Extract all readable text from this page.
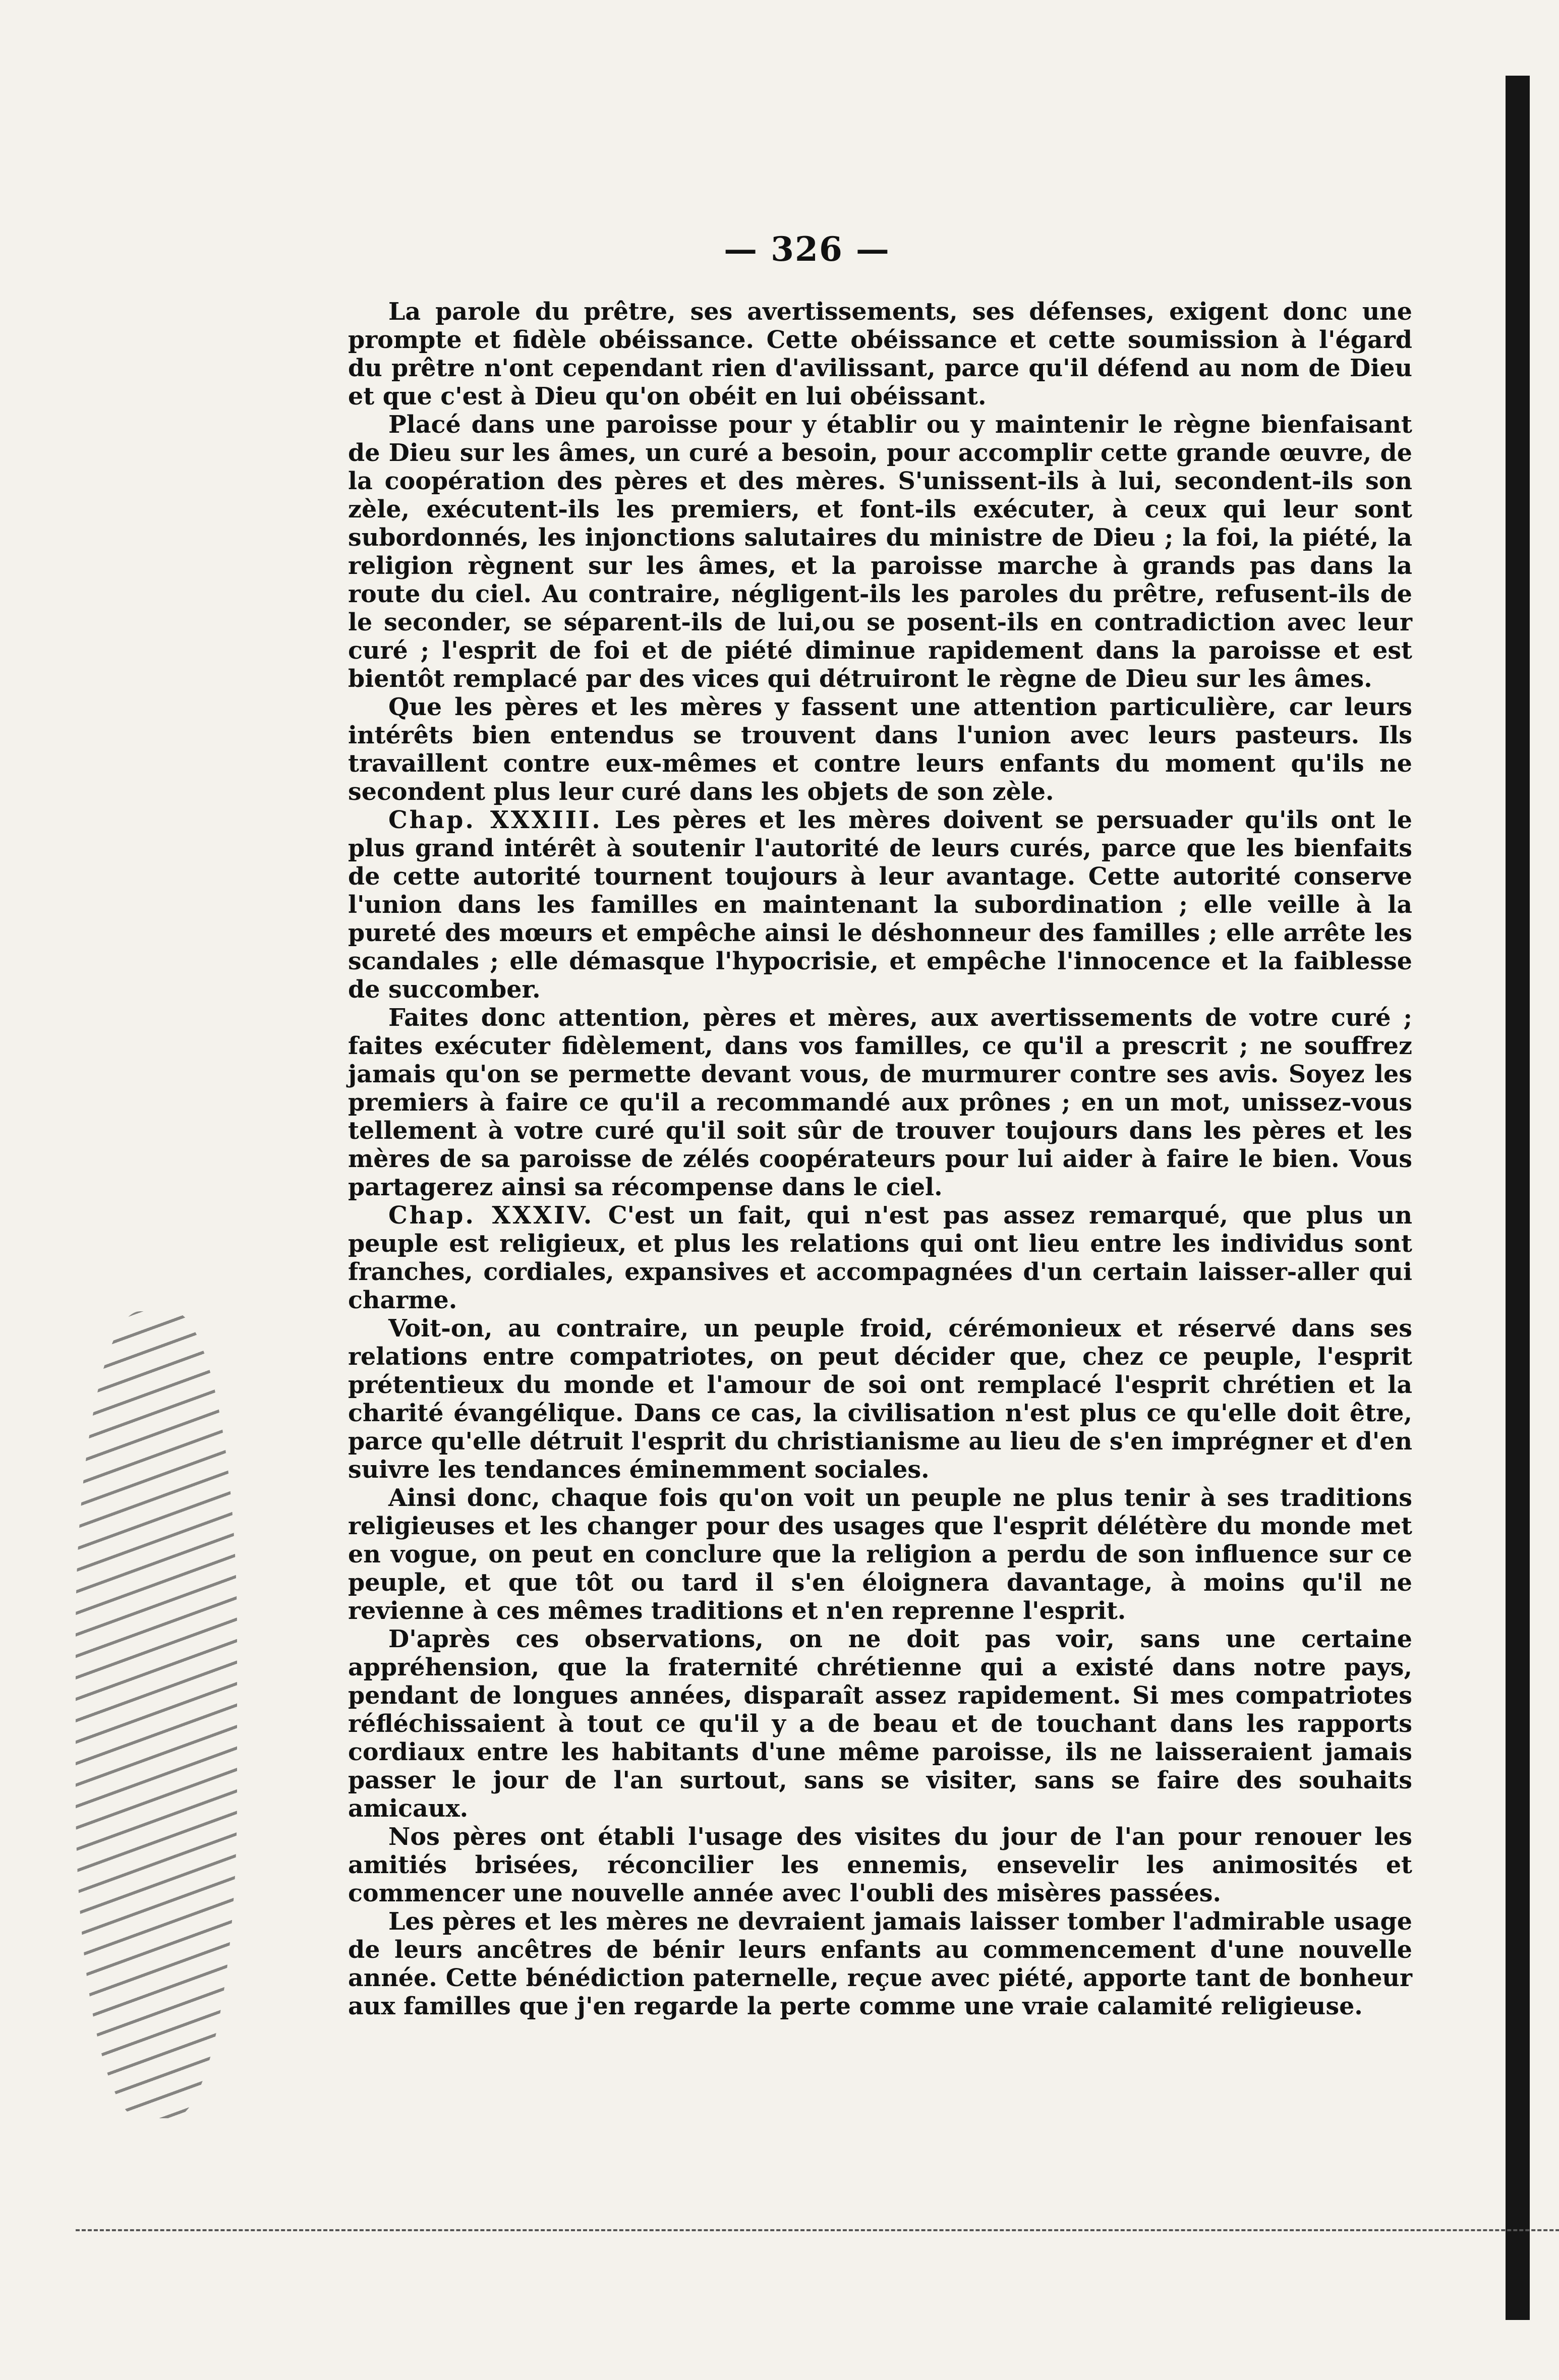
— 326 —

La parole du prêtre, ses avertissements, ses défenses, exigent donc une prompte et fidèle obéissance. Cette obéissance et cette soumission à l'égard du prêtre n'ont cependant rien d'avilissant, parce qu'il défend au nom de Dieu et que c'est à Dieu qu'on obéit en lui obéissant.

Placé dans une paroisse pour y établir ou y maintenir le règne bienfaisant de Dieu sur les âmes, un curé a besoin, pour accomplir cette grande œuvre, de la coopération des pères et des mères. S'unissent-ils à lui, secondent-ils son zèle, exécutent-ils les premiers, et font-ils exécuter, à ceux qui leur sont subordonnés, les injonctions salutaires du ministre de Dieu ; la foi, la piété, la religion règnent sur les âmes, et la paroisse marche à grands pas dans la route du ciel. Au contraire, négligent-ils les paroles du prêtre, refusent-ils de le seconder, se séparent-ils de lui,ou se posent-ils en contradiction avec leur curé ; l'esprit de foi et de piété diminue rapidement dans la paroisse et est bientôt remplacé par des vices qui détruiront le règne de Dieu sur les âmes.

Que les pères et les mères y fassent une attention particulière, car leurs intérêts bien entendus se trouvent dans l'union avec leurs pasteurs. Ils travaillent contre eux-mêmes et contre leurs enfants du moment qu'ils ne secondent plus leur curé dans les objets de son zèle.

Chap. XXXIII. Les pères et les mères doivent se persuader qu'ils ont le plus grand intérêt à soutenir l'autorité de leurs curés, parce que les bienfaits de cette autorité tournent toujours à leur avantage. Cette autorité conserve l'union dans les familles en maintenant la subordination ; elle veille à la pureté des mœurs et empêche ainsi le déshonneur des familles ; elle arrête les scandales ; elle démasque l'hypocrisie, et empêche l'innocence et la faiblesse de succomber.

Faites donc attention, pères et mères, aux avertissements de votre curé ; faites exécuter fidèlement, dans vos familles, ce qu'il a prescrit ; ne souffrez jamais qu'on se permette devant vous, de murmurer contre ses avis. Soyez les premiers à faire ce qu'il a recommandé aux prônes ; en un mot, unissez-vous tellement à votre curé qu'il soit sûr de trouver toujours dans les pères et les mères de sa paroisse de zélés coopérateurs pour lui aider à faire le bien. Vous partagerez ainsi sa récompense dans le ciel.

Chap. XXXIV. C'est un fait, qui n'est pas assez remarqué, que plus un peuple est religieux, et plus les relations qui ont lieu entre les individus sont franches, cordiales, expansives et accompagnées d'un certain laisser-aller qui charme.

Voit-on, au contraire, un peuple froid, cérémonieux et réservé dans ses relations entre compatriotes, on peut décider que, chez ce peuple, l'esprit prétentieux du monde et l'amour de soi ont remplacé l'esprit chrétien et la charité évangélique. Dans ce cas, la civilisation n'est plus ce qu'elle doit être, parce qu'elle détruit l'esprit du christianisme au lieu de s'en imprégner et d'en suivre les tendances éminemment sociales.

Ainsi donc, chaque fois qu'on voit un peuple ne plus tenir à ses traditions religieuses et les changer pour des usages que l'esprit délétère du monde met en vogue, on peut en conclure que la religion a perdu de son influence sur ce peuple, et que tôt ou tard il s'en éloignera davantage, à moins qu'il ne revienne à ces mêmes traditions et n'en reprenne l'esprit.

D'après ces observations, on ne doit pas voir, sans une certaine appréhension, que la fraternité chrétienne qui a existé dans notre pays, pendant de longues années, disparaît assez rapidement. Si mes compatriotes réfléchissaient à tout ce qu'il y a de beau et de touchant dans les rapports cordiaux entre les habitants d'une même paroisse, ils ne laisseraient jamais passer le jour de l'an surtout, sans se visiter, sans se faire des souhaits amicaux.

Nos pères ont établi l'usage des visites du jour de l'an pour renouer les amitiés brisées, réconcilier les ennemis, ensevelir les animosités et commencer une nouvelle année avec l'oubli des misères passées.

Les pères et les mères ne devraient jamais laisser tomber l'admirable usage de leurs ancêtres de bénir leurs enfants au commencement d'une nouvelle année. Cette bénédiction paternelle, reçue avec piété, apporte tant de bonheur aux familles que j'en regarde la perte comme une vraie calamité religieuse.
